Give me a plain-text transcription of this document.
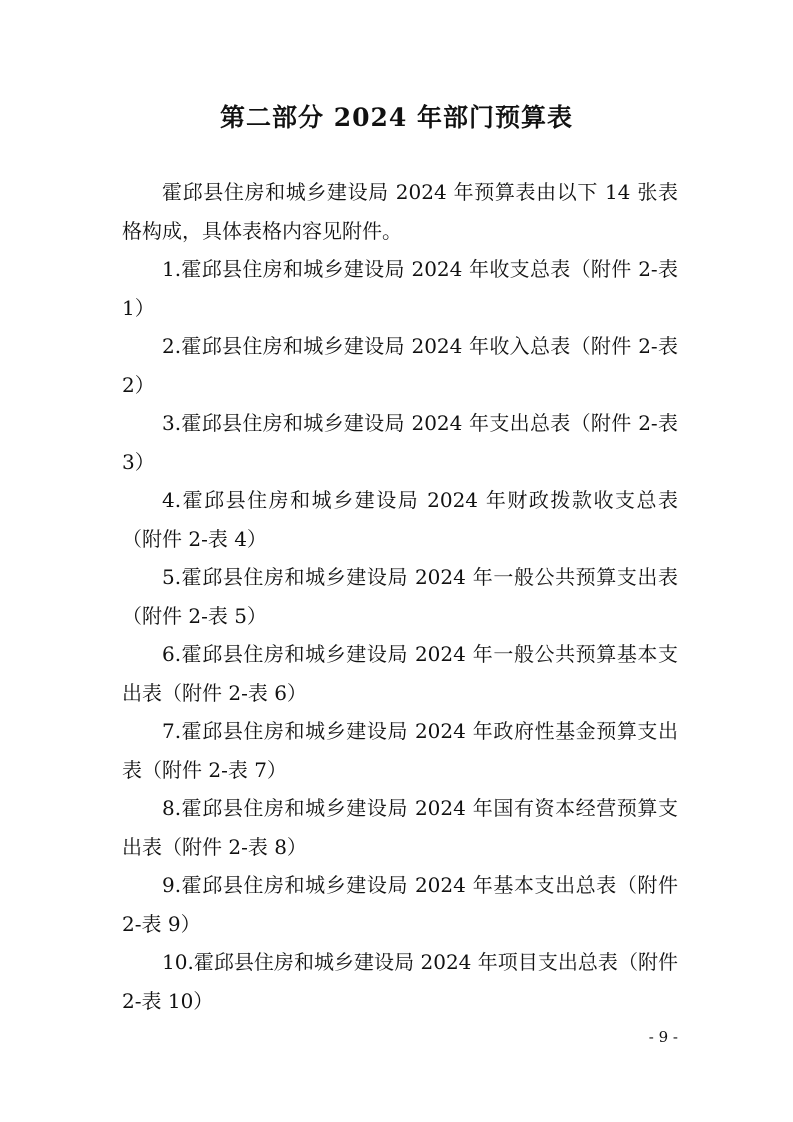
第二部分 2024 年部门预算表

霍邱县住房和城乡建设局 2024 年预算表由以下 14 张表格构成，具体表格内容见附件。

1.霍邱县住房和城乡建设局 2024 年收支总表（附件 2-表 1）

2.霍邱县住房和城乡建设局 2024 年收入总表（附件 2-表 2）

3.霍邱县住房和城乡建设局 2024 年支出总表（附件 2-表 3）

4.霍邱县住房和城乡建设局 2024 年财政拨款收支总表（附件 2-表 4）

5.霍邱县住房和城乡建设局 2024 年一般公共预算支出表（附件 2-表 5）

6.霍邱县住房和城乡建设局 2024 年一般公共预算基本支出表（附件 2-表 6）

7.霍邱县住房和城乡建设局 2024 年政府性基金预算支出表（附件 2-表 7）

8.霍邱县住房和城乡建设局 2024 年国有资本经营预算支出表（附件 2-表 8）

9.霍邱县住房和城乡建设局 2024 年基本支出总表（附件 2-表 9）

10.霍邱县住房和城乡建设局 2024 年项目支出总表（附件 2-表 10）

- 9 -
